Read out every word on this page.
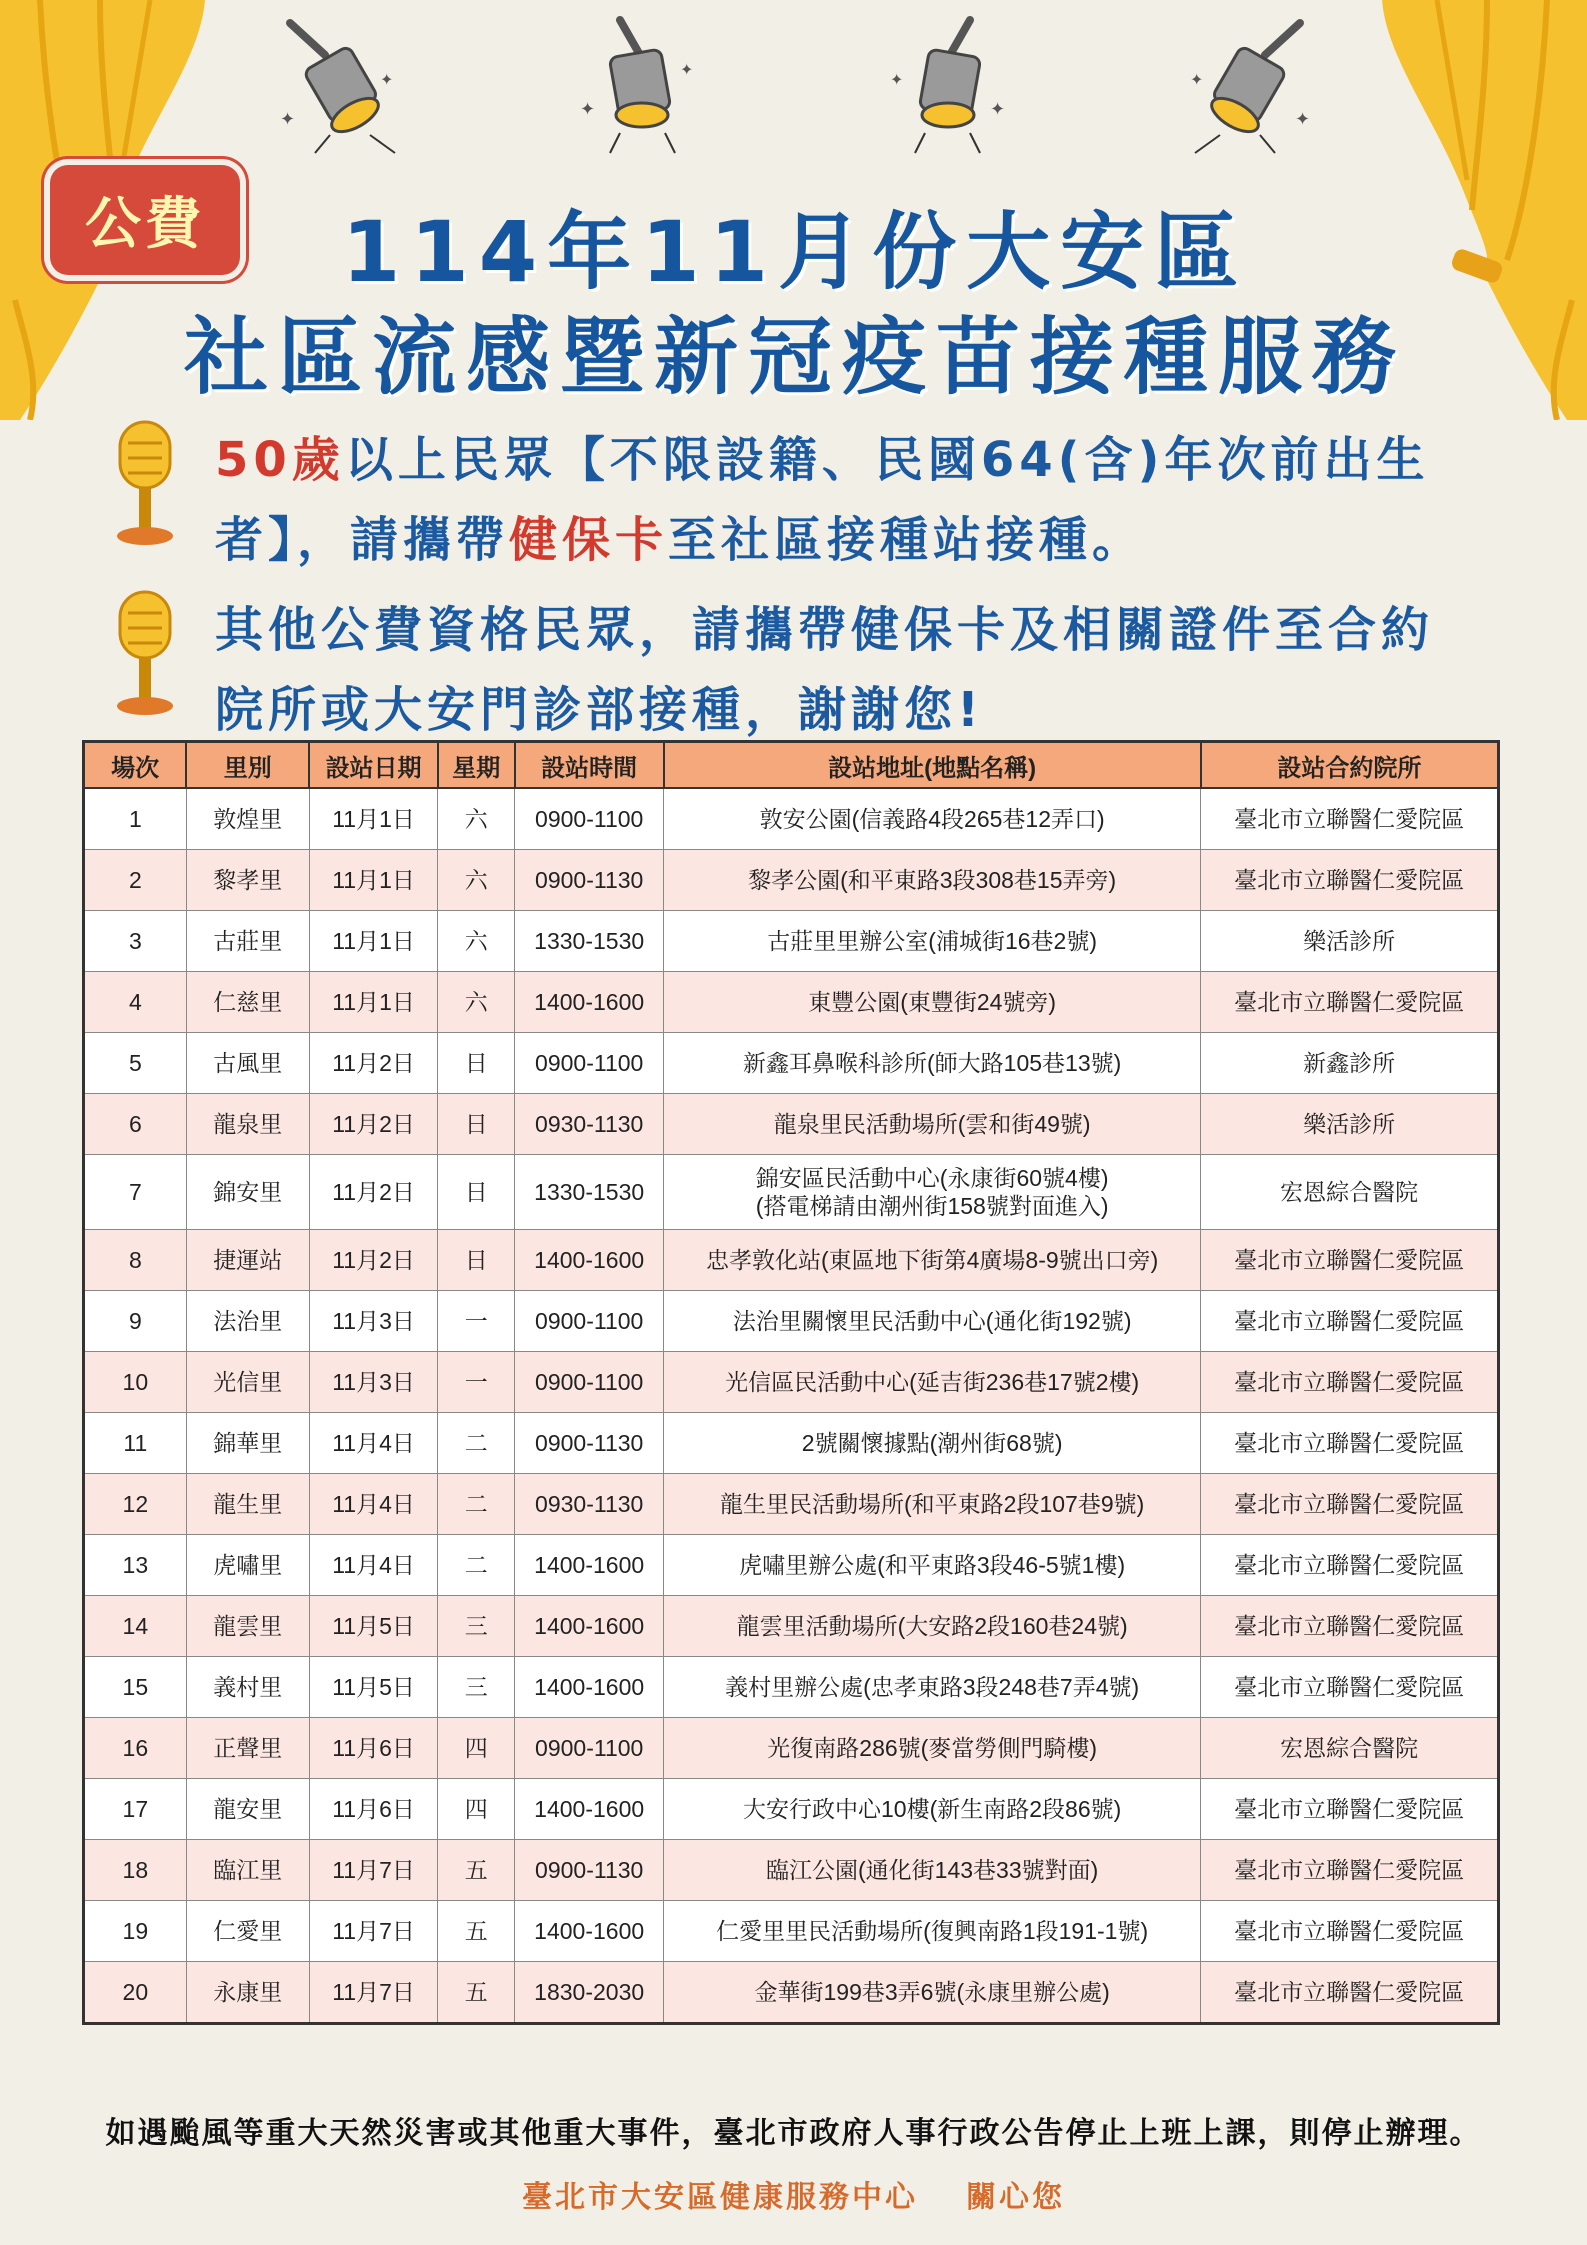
✦
✦
✦
✦
✦
✦	✦
✦
公費	114年11月份大安區
社區流感暨新冠疫苗接種服務
50歲以上民眾【不限設籍、民國64(含)年次前出生者】，請攜帶健保卡至社區接種站接種。
其他公費資格民眾，請攜帶健保卡及相關證件至合約院所或大安門診部接種，謝謝您!
場次	里別	設站日期	星期	設站時間	設站地址(地點名稱)	設站合約院所
1	敦煌里	11月1日	六	0900-1100	敦安公園(信義路4段265巷12弄口)	臺北市立聯醫仁愛院區
2	黎孝里	11月1日	六	0900-1130	黎孝公園(和平東路3段308巷15弄旁)	臺北市立聯醫仁愛院區
3	古莊里	11月1日	六	1330-1530	古莊里里辦公室(浦城街16巷2號)	樂活診所
4	仁慈里	11月1日	六	1400-1600	東豐公園(東豐街24號旁)	臺北市立聯醫仁愛院區
5	古風里	11月2日	日	0900-1100	新鑫耳鼻喉科診所(師大路105巷13號)	新鑫診所
6	龍泉里	11月2日	日	0930-1130	龍泉里民活動場所(雲和街49號)	樂活診所
7	錦安里	11月2日	日	1330-1530	錦安區民活動中心(永康街60號4樓)
(搭電梯請由潮州街158號對面進入)	宏恩綜合醫院
8	捷運站	11月2日	日	1400-1600	忠孝敦化站(東區地下街第4廣場8-9號出口旁)	臺北市立聯醫仁愛院區
9	法治里	11月3日	一	0900-1100	法治里關懷里民活動中心(通化街192號)	臺北市立聯醫仁愛院區
10	光信里	11月3日	一	0900-1100	光信區民活動中心(延吉街236巷17號2樓)	臺北市立聯醫仁愛院區
11	錦華里	11月4日	二	0900-1130	2號關懷據點(潮州街68號)	臺北市立聯醫仁愛院區
12	龍生里	11月4日	二	0930-1130	龍生里民活動場所(和平東路2段107巷9號)	臺北市立聯醫仁愛院區
13	虎嘯里	11月4日	二	1400-1600	虎嘯里辦公處(和平東路3段46-5號1樓)	臺北市立聯醫仁愛院區
14	龍雲里	11月5日	三	1400-1600	龍雲里活動場所(大安路2段160巷24號)	臺北市立聯醫仁愛院區
15	義村里	11月5日	三	1400-1600	義村里辦公處(忠孝東路3段248巷7弄4號)	臺北市立聯醫仁愛院區
16	正聲里	11月6日	四	0900-1100	光復南路286號(麥當勞側門騎樓)	宏恩綜合醫院
17	龍安里	11月6日	四	1400-1600	大安行政中心10樓(新生南路2段86號)	臺北市立聯醫仁愛院區
18	臨江里	11月7日	五	0900-1130	臨江公園(通化街143巷33號對面)	臺北市立聯醫仁愛院區
19	仁愛里	11月7日	五	1400-1600	仁愛里里民活動場所(復興南路1段191-1號)	臺北市立聯醫仁愛院區
20	永康里	11月7日	五	1830-2030	金華街199巷3弄6號(永康里辦公處)	臺北市立聯醫仁愛院區
如遇颱風等重大天然災害或其他重大事件，臺北市政府人事行政公告停止上班上課，則停止辦理。
臺北市大安區健康服務中心 關心您
